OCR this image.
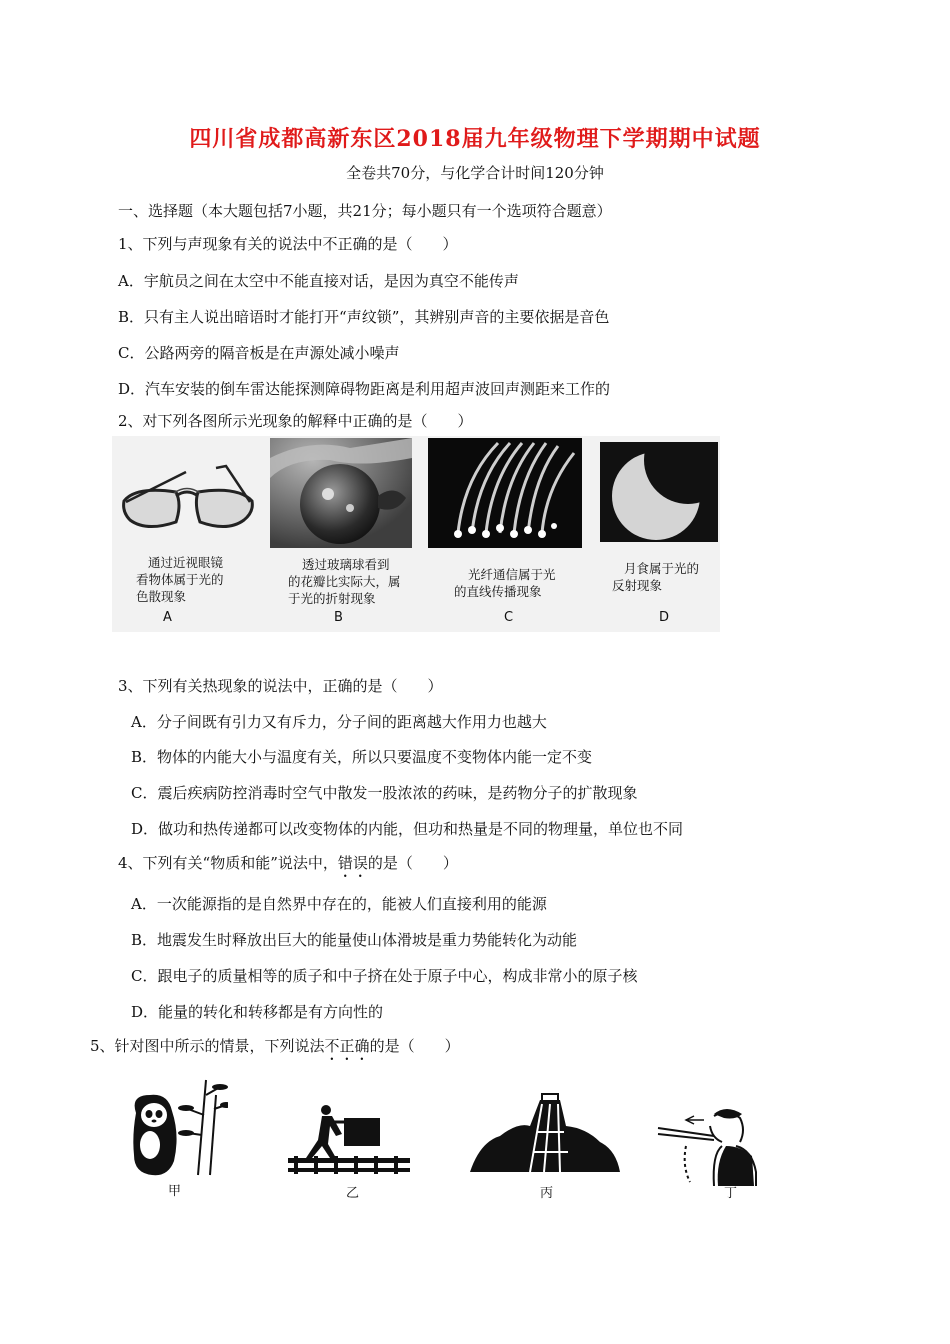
四川省成都高新东区2018届九年级物理下学期期中试题
全卷共70分，与化学合计时间120分钟
一、选择题（本大题包括7小题，共21分；每小题只有一个选项符合题意）
1、下列与声现象有关的说法中不正确的是（　　）
A．宇航员之间在太空中不能直接对话，是因为真空不能传声
B．只有主人说出暗语时才能打开“声纹锁”，其辨别声音的主要依据是音色
C．公路两旁的隔音板是在声源处减小噪声
D．汽车安装的倒车雷达能探测障碍物距离是利用超声波回声测距来工作的
2、对下列各图所示光现象的解释中正确的是（　　）
通过近视眼镜
看物体属于光的
色散现象
A
透过玻璃球看到
的花瓣比实际大，属
于光的折射现象
B
光纤通信属于光
的直线传播现象
C
月食属于光的
反射现象
D
3、下列有关热现象的说法中，正确的是（　　）
A．分子间既有引力又有斥力，分子间的距离越大作用力也越大
B．物体的内能大小与温度有关，所以只要温度不变物体内能一定不变
C．震后疾病防控消毒时空气中散发一股浓浓的药味，是药物分子的扩散现象
D．做功和热传递都可以改变物体的内能，但功和热量是不同的物理量，单位也不同
4、下列有关“物质和能”说法中，错误的是（　　）
A．一次能源指的是自然界中存在的，能被人们直接利用的能源
B．地震发生时释放出巨大的能量使山体滑坡是重力势能转化为动能
C．跟电子的质量相等的质子和中子挤在处于原子中心，构成非常小的原子核
D．能量的转化和转移都是有方向性的
5、针对图中所示的情景，下列说法不正确的是（　　）
甲	乙	丙	丁
